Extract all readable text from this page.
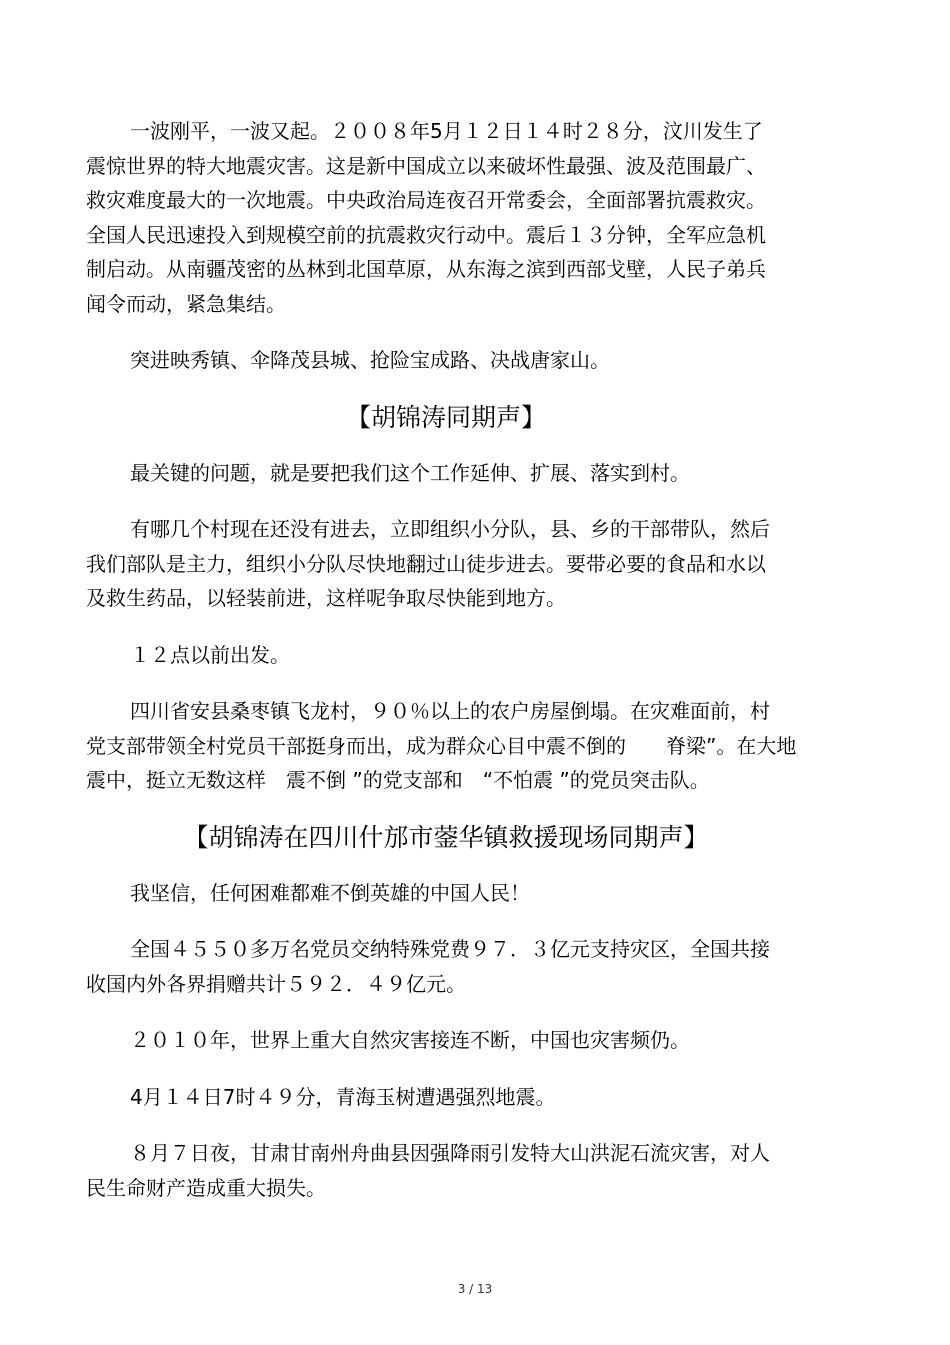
一波刚平，一波又起。２００８年5月１２日１４时２８分，汶川发生了
震惊世界的特大地震灾害。这是新中国成立以来破坏性最强、波及范围最广、
救灾难度最大的一次地震。中央政治局连夜召开常委会，全面部署抗震救灾。
全国人民迅速投入到规模空前的抗震救灾行动中。震后１３分钟，全军应急机
制启动。从南疆茂密的丛林到北国草原，从东海之滨到西部戈壁，人民子弟兵
闻令而动，紧急集结。
突进映秀镇、伞降茂县城、抢险宝成路、决战唐家山。
【胡锦涛同期声】
最关键的问题，就是要把我们这个工作延伸、扩展、落实到村。
有哪几个村现在还没有进去，立即组织小分队，县、乡的干部带队，然后
我们部队是主力，组织小分队尽快地翻过山徒步进去。要带必要的食品和水以
及救生药品，以轻装前进，这样呢争取尽快能到地方。
１２点以前出发。
四川省安县桑枣镇飞龙村，９０％以上的农户房屋倒塌。在灾难面前，村
党支部带领全村党员干部挺身而出，成为群众心目中震不倒的　　脊梁”。在大地
震中，挺立无数这样　震不倒 ”的党支部和　“不怕震 ”的党员突击队。
【胡锦涛在四川什邡市蓥华镇救援现场同期声】
我坚信，任何困难都难不倒英雄的中国人民！
全国４５５０多万名党员交纳特殊党费９７．３亿元支持灾区，全国共接
收国内外各界捐赠共计５９２．４９亿元。
２０１０年，世界上重大自然灾害接连不断，中国也灾害频仍。
4月１４日7时４９分，青海玉树遭遇强烈地震。
８月７日夜，甘肃甘南州舟曲县因强降雨引发特大山洪泥石流灾害，对人
民生命财产造成重大损失。
3 / 13
